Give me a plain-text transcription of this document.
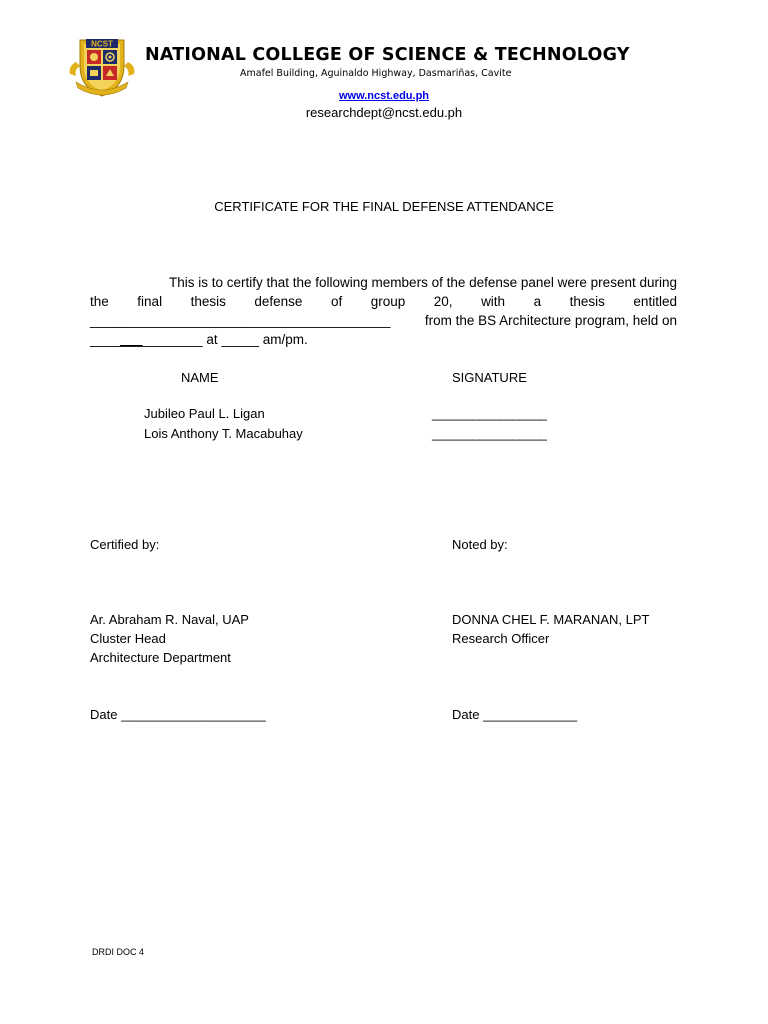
NCST
NATIONAL COLLEGE OF SCIENCE & TECHNOLOGY
Amafel Building, Aguinaldo Highway, Dasmariñas, Cavite
www.ncst.edu.ph
researchdept@ncst.edu.ph
CERTIFICATE FOR THE FINAL DEFENSE ATTENDANCE
This is to certify that the following members of the defense panel were present during
the final thesis defense of group 20, with a thesis entitled
________________________________________	from the BS Architecture program, held on
_______________ at _____ am/pm.
NAME	SIGNATURE
Jubileo Paul L. Ligan	_________________
Lois Anthony T. Macabuhay	_________________
Certified by:
Ar. Abraham R. Naval, UAP
Cluster Head
Architecture Department
Date ____________________
Noted by:
DONNA CHEL F. MARANAN, LPT
Research Officer
Date _____________
DRDI DOC 4
